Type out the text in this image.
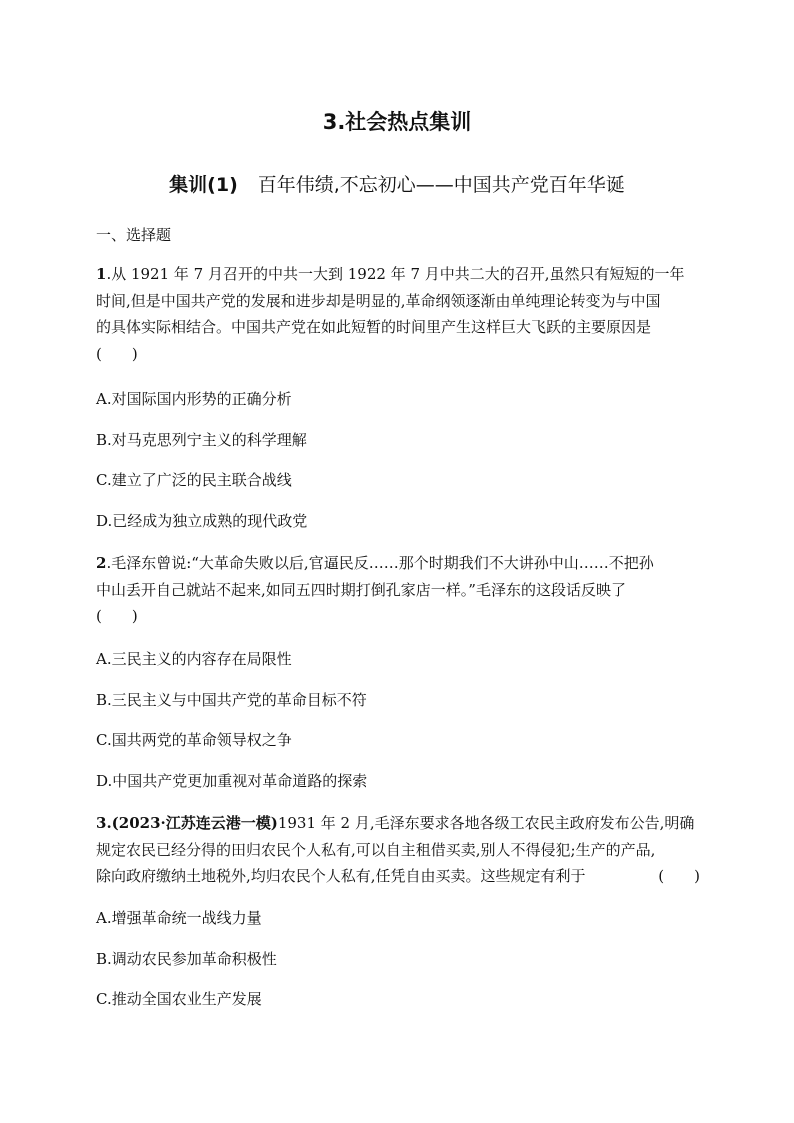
3.社会热点集训
集训(1) 百年伟绩,不忘初心——中国共产党百年华诞
一、选择题
1.从 1921 年 7 月召开的中共一大到 1922 年 7 月中共二大的召开,虽然只有短短的一年
时间,但是中国共产党的发展和进步却是明显的,革命纲领逐渐由单纯理论转变为与中国
的具体实际相结合。中国共产党在如此短暂的时间里产生这样巨大飞跃的主要原因是
(　　)
A.对国际国内形势的正确分析
B.对马克思列宁主义的科学理解
C.建立了广泛的民主联合战线
D.已经成为独立成熟的现代政党
2.毛泽东曾说:“大革命失败以后,官逼民反……那个时期我们不大讲孙中山……不把孙
中山丢开自己就站不起来,如同五四时期打倒孔家店一样。”毛泽东的这段话反映了
(　　)
A.三民主义的内容存在局限性
B.三民主义与中国共产党的革命目标不符
C.国共两党的革命领导权之争
D.中国共产党更加重视对革命道路的探索
3.(2023·江苏连云港一模)1931 年 2 月,毛泽东要求各地各级工农民主政府发布公告,明确
规定农民已经分得的田归农民个人私有,可以自主租借买卖,别人不得侵犯;生产的产品,
除向政府缴纳土地税外,均归农民个人私有,任凭自由买卖。这些规定有利于	(　　)
A.增强革命统一战线力量
B.调动农民参加革命积极性
C.推动全国农业生产发展
